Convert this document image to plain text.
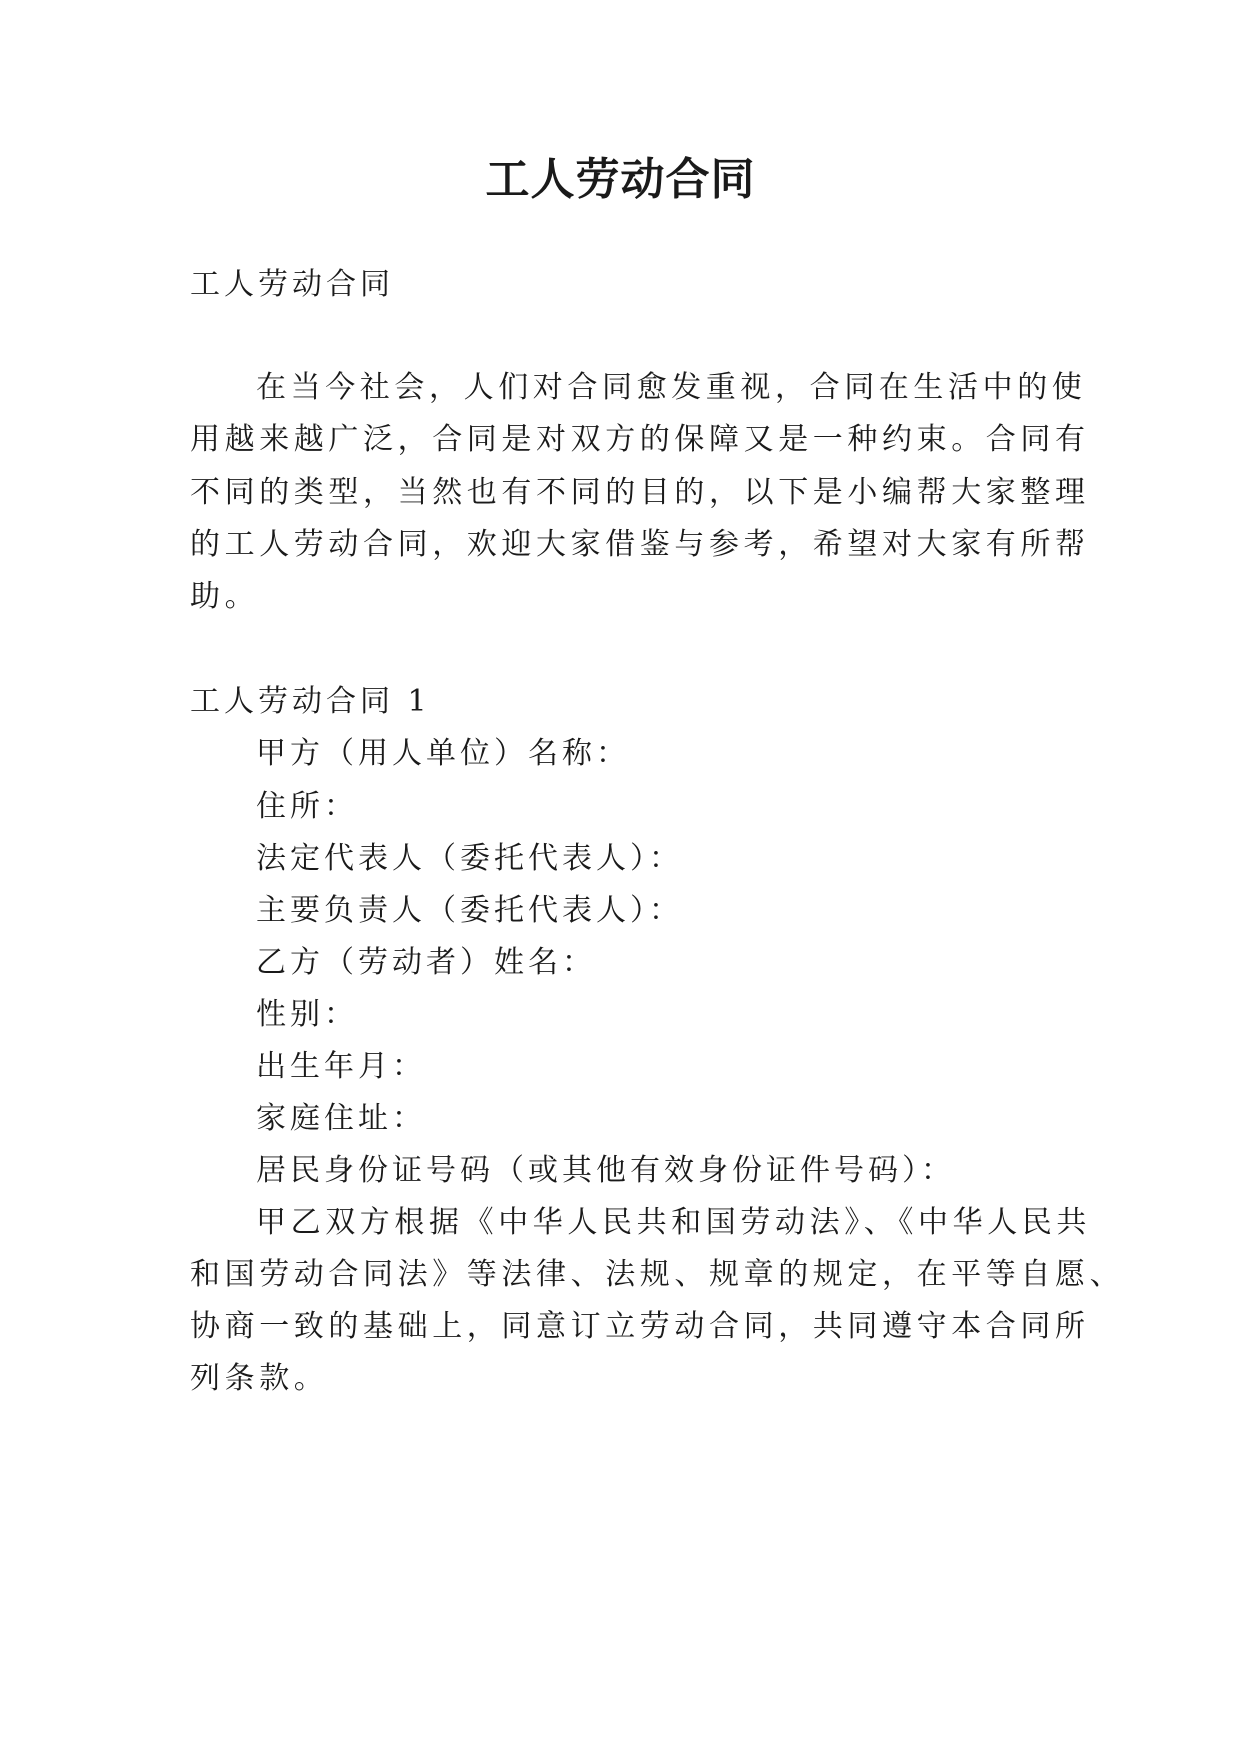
工人劳动合同
工人劳动合同
在当今社会，人们对合同愈发重视，合同在生活中的使
用越来越广泛，合同是对双方的保障又是一种约束。合同有
不同的类型，当然也有不同的目的，以下是小编帮大家整理
的工人劳动合同，欢迎大家借鉴与参考，希望对大家有所帮
助。
工人劳动合同 1
甲方（用人单位）名称：
住所：
法定代表人（委托代表人）：
主要负责人（委托代表人）：
乙方（劳动者）姓名：
性别：
出生年月：
家庭住址：
居民身份证号码（或其他有效身份证件号码）：
甲乙双方根据《中华人民共和国劳动法》、《中华人民共
和国劳动合同法》等法律、法规、规章的规定，在平等自愿、
协商一致的基础上，同意订立劳动合同，共同遵守本合同所
列条款。
